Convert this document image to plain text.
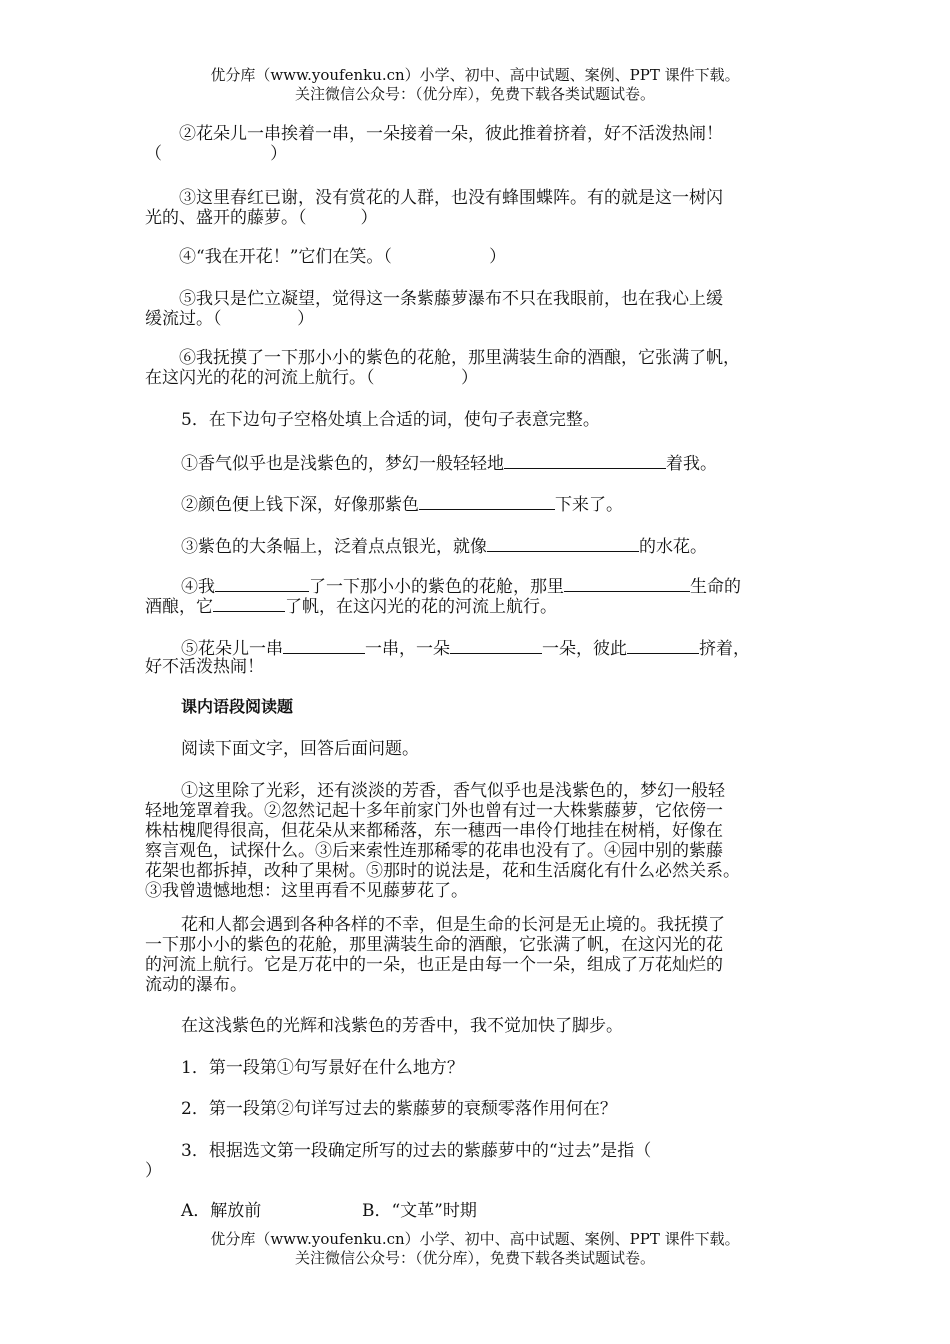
优分库（www.youfenku.cn）小学、初中、高中试题、案例、PPT 课件下载。
关注微信公众号：（优分库），免费下载各类试题试卷。
②花朵儿一串挨着一串，一朵接着一朵，彼此推着挤着，好不活泼热闹！
（                    ）
③这里春红已谢，没有赏花的人群，也没有蜂围蝶阵。有的就是这一树闪
光的、盛开的藤萝。（          ）
④“我在开花！”它们在笑。（                  ）
⑤我只是伫立凝望，觉得这一条紫藤萝瀑布不只在我眼前，也在我心上缓
缓流过。（              ）
⑥我抚摸了一下那小小的紫色的花舱，那里满装生命的酒酿，它张满了帆，
在这闪光的花的河流上航行。（                ）
5．在下边句子空格处填上合适的词，使句子表意完整。
①香气似乎也是浅紫色的，梦幻一般轻轻地	着我。
②颜色便上钱下深，好像那紫色	下来了。
③紫色的大条幅上，泛着点点银光，就像	的水花。
④我	了一下那小小的紫色的花舱，那里	生命的
酒酿，它	了帆，在这闪光的花的河流上航行。
⑤花朵儿一串	一串，一朵	一朵，彼此	挤着，
好不活泼热闹！
课内语段阅读题
阅读下面文字，回答后面问题。
①这里除了光彩，还有淡淡的芳香，香气似乎也是浅紫色的，梦幻一般轻
轻地笼罩着我。②忽然记起十多年前家门外也曾有过一大株紫藤萝，它依傍一
株枯槐爬得很高，但花朵从来都稀落，东一穗西一串伶仃地挂在树梢，好像在
察言观色，试探什么。③后来索性连那稀零的花串也没有了。④园中别的紫藤
花架也都拆掉，改种了果树。⑤那时的说法是，花和生活腐化有什么必然关系。
③我曾遗憾地想：这里再看不见藤萝花了。
花和人都会遇到各种各样的不幸，但是生命的长河是无止境的。我抚摸了
一下那小小的紫色的花舱，那里满装生命的酒酿，它张满了帆，在这闪光的花
的河流上航行。它是万花中的一朵，也正是由每一个一朵，组成了万花灿烂的
流动的瀑布。
在这浅紫色的光辉和浅紫色的芳香中，我不觉加快了脚步。
1．第一段第①句写景好在什么地方？
2．第一段第②句详写过去的紫藤萝的衰颓零落作用何在？
3．根据选文第一段确定所写的过去的紫藤萝中的“过去”是指（
）
A．解放前	B．“文革”时期
优分库（www.youfenku.cn）小学、初中、高中试题、案例、PPT 课件下载。
关注微信公众号：（优分库），免费下载各类试题试卷。
